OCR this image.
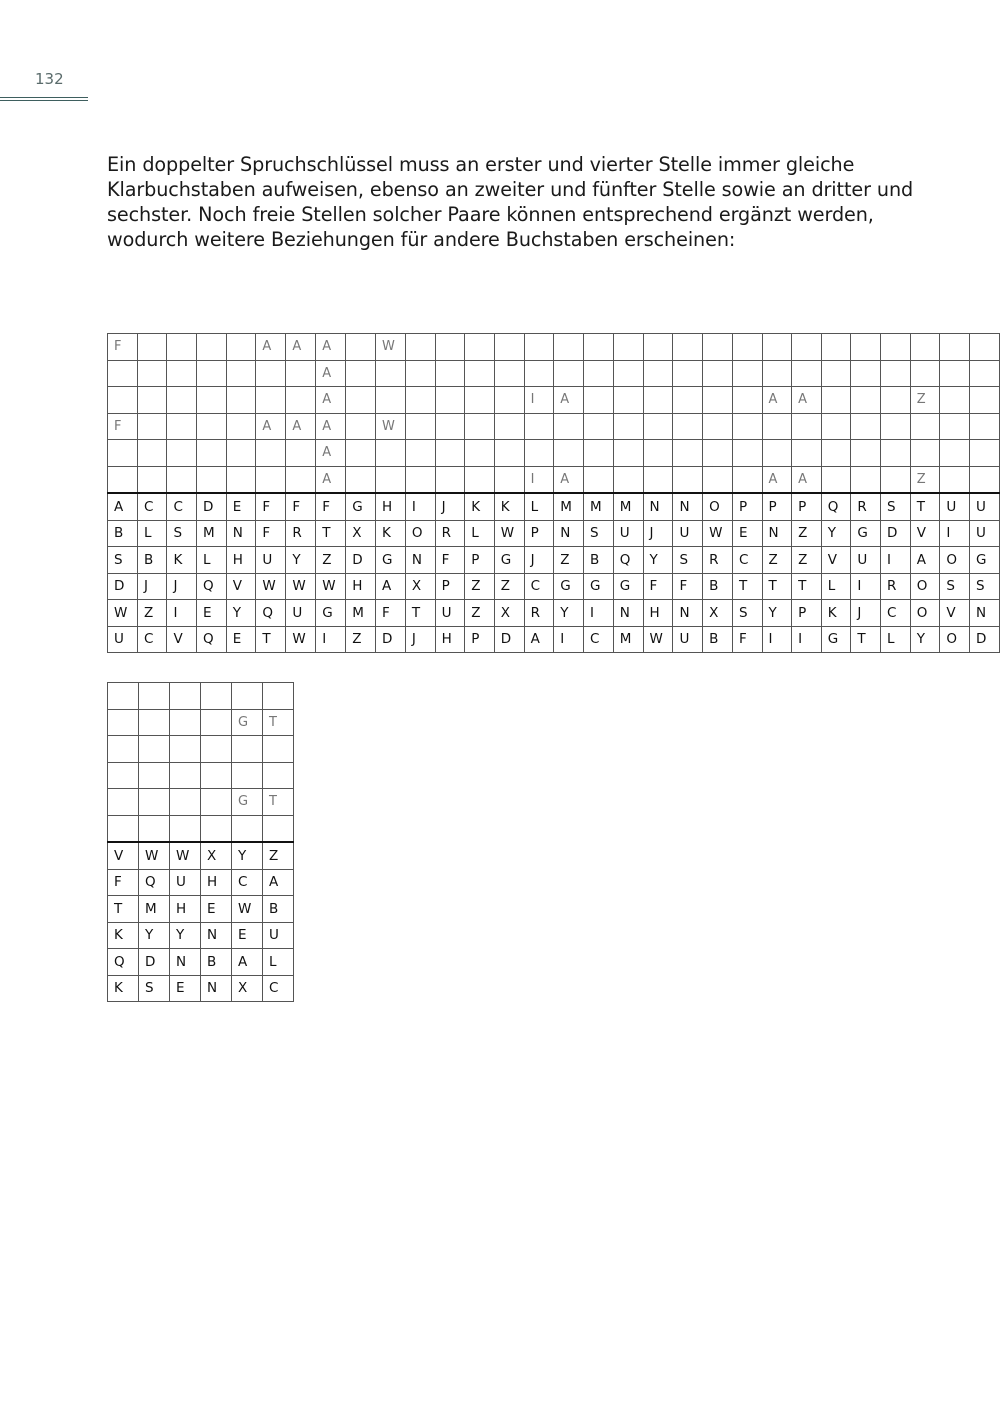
132

Ein doppelter Spruchschlüssel muss an erster und vierter Stelle immer gleiche
Klarbuchstaben aufweisen, ebenso an zweiter und fünfter Stelle sowie an dritter und
sechster. Noch freie Stellen solcher Paare können entsprechend ergänzt werden,
wodurch weitere Beziehungen für andere Buchstaben erscheinen:

F					A	A	A		W																				
							A																						
							A							I	A							A	A				Z		
F					A	A	A		W																				
							A																						
							A							I	A							A	A				Z		
A	C	C	D	E	F	F	F	G	H	I	J	K	K	L	M	M	M	N	N	O	P	P	P	Q	R	S	T	U	U
B	L	S	M	N	F	R	T	X	K	O	R	L	W	P	N	S	U	J	U	W	E	N	Z	Y	G	D	V	I	U
S	B	K	L	H	U	Y	Z	D	G	N	F	P	G	J	Z	B	Q	Y	S	R	C	Z	Z	V	U	I	A	O	G
D	J	J	Q	V	W	W	W	H	A	X	P	Z	Z	C	G	G	G	F	F	B	T	T	T	L	I	R	O	S	S
W	Z	I	E	Y	Q	U	G	M	F	T	U	Z	X	R	Y	I	N	H	N	X	S	Y	P	K	J	C	O	V	N
U	C	V	Q	E	T	W	I	Z	D	J	H	P	D	A	I	C	M	W	U	B	F	I	I	G	T	L	Y	O	D

				G	T

				G	T

V	W	W	X	Y	Z
F	Q	U	H	C	A
T	M	H	E	W	B
K	Y	Y	N	E	U
Q	D	N	B	A	L
K	S	E	N	X	C
